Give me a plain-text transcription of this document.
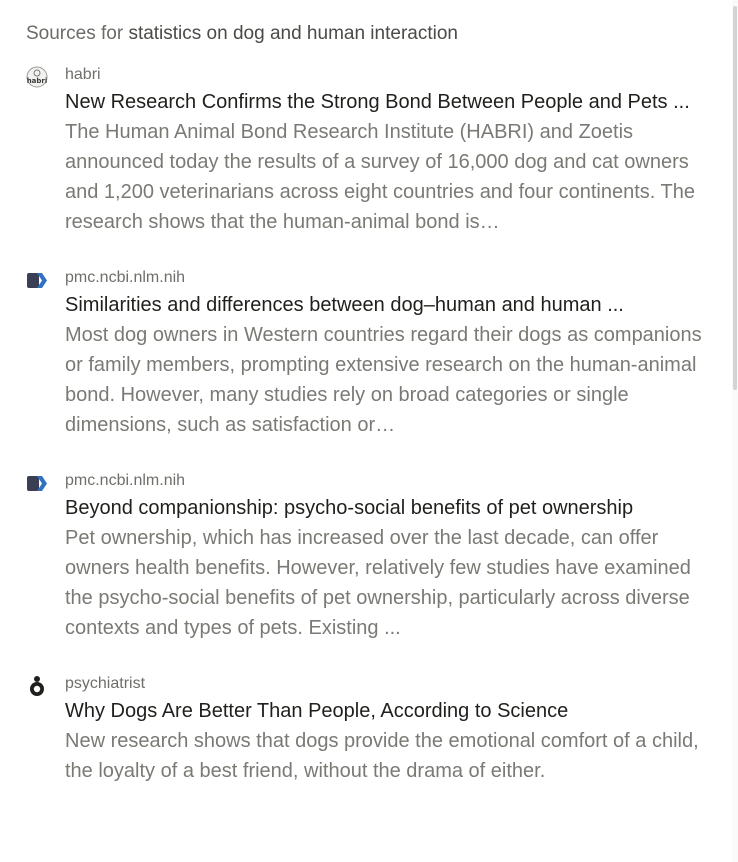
Sources for statistics on dog and human interaction
habri habri
New Research Confirms the Strong Bond Between People and Pets ...
The Human Animal Bond Research Institute (HABRI) and Zoetis announced today the results of a survey of 16,000 dog and cat owners and 1,200 veterinarians across eight countries and four continents. The research shows that the human-animal bond is…
pmc.ncbi.nlm.nih
Similarities and differences between dog–human and human ...
Most dog owners in Western countries regard their dogs as companions or family members, prompting extensive research on the human-animal bond. However, many studies rely on broad categories or single dimensions, such as satisfaction or…
pmc.ncbi.nlm.nih
Beyond companionship: psycho-social benefits of pet ownership
Pet ownership, which has increased over the last decade, can offer owners health benefits. However, relatively few studies have examined the psycho-social benefits of pet ownership, particularly across diverse contexts and types of pets. Existing ...
psychiatrist
Why Dogs Are Better Than People, According to Science
New research shows that dogs provide the emotional comfort of a child, the loyalty of a best friend, without the drama of either.
